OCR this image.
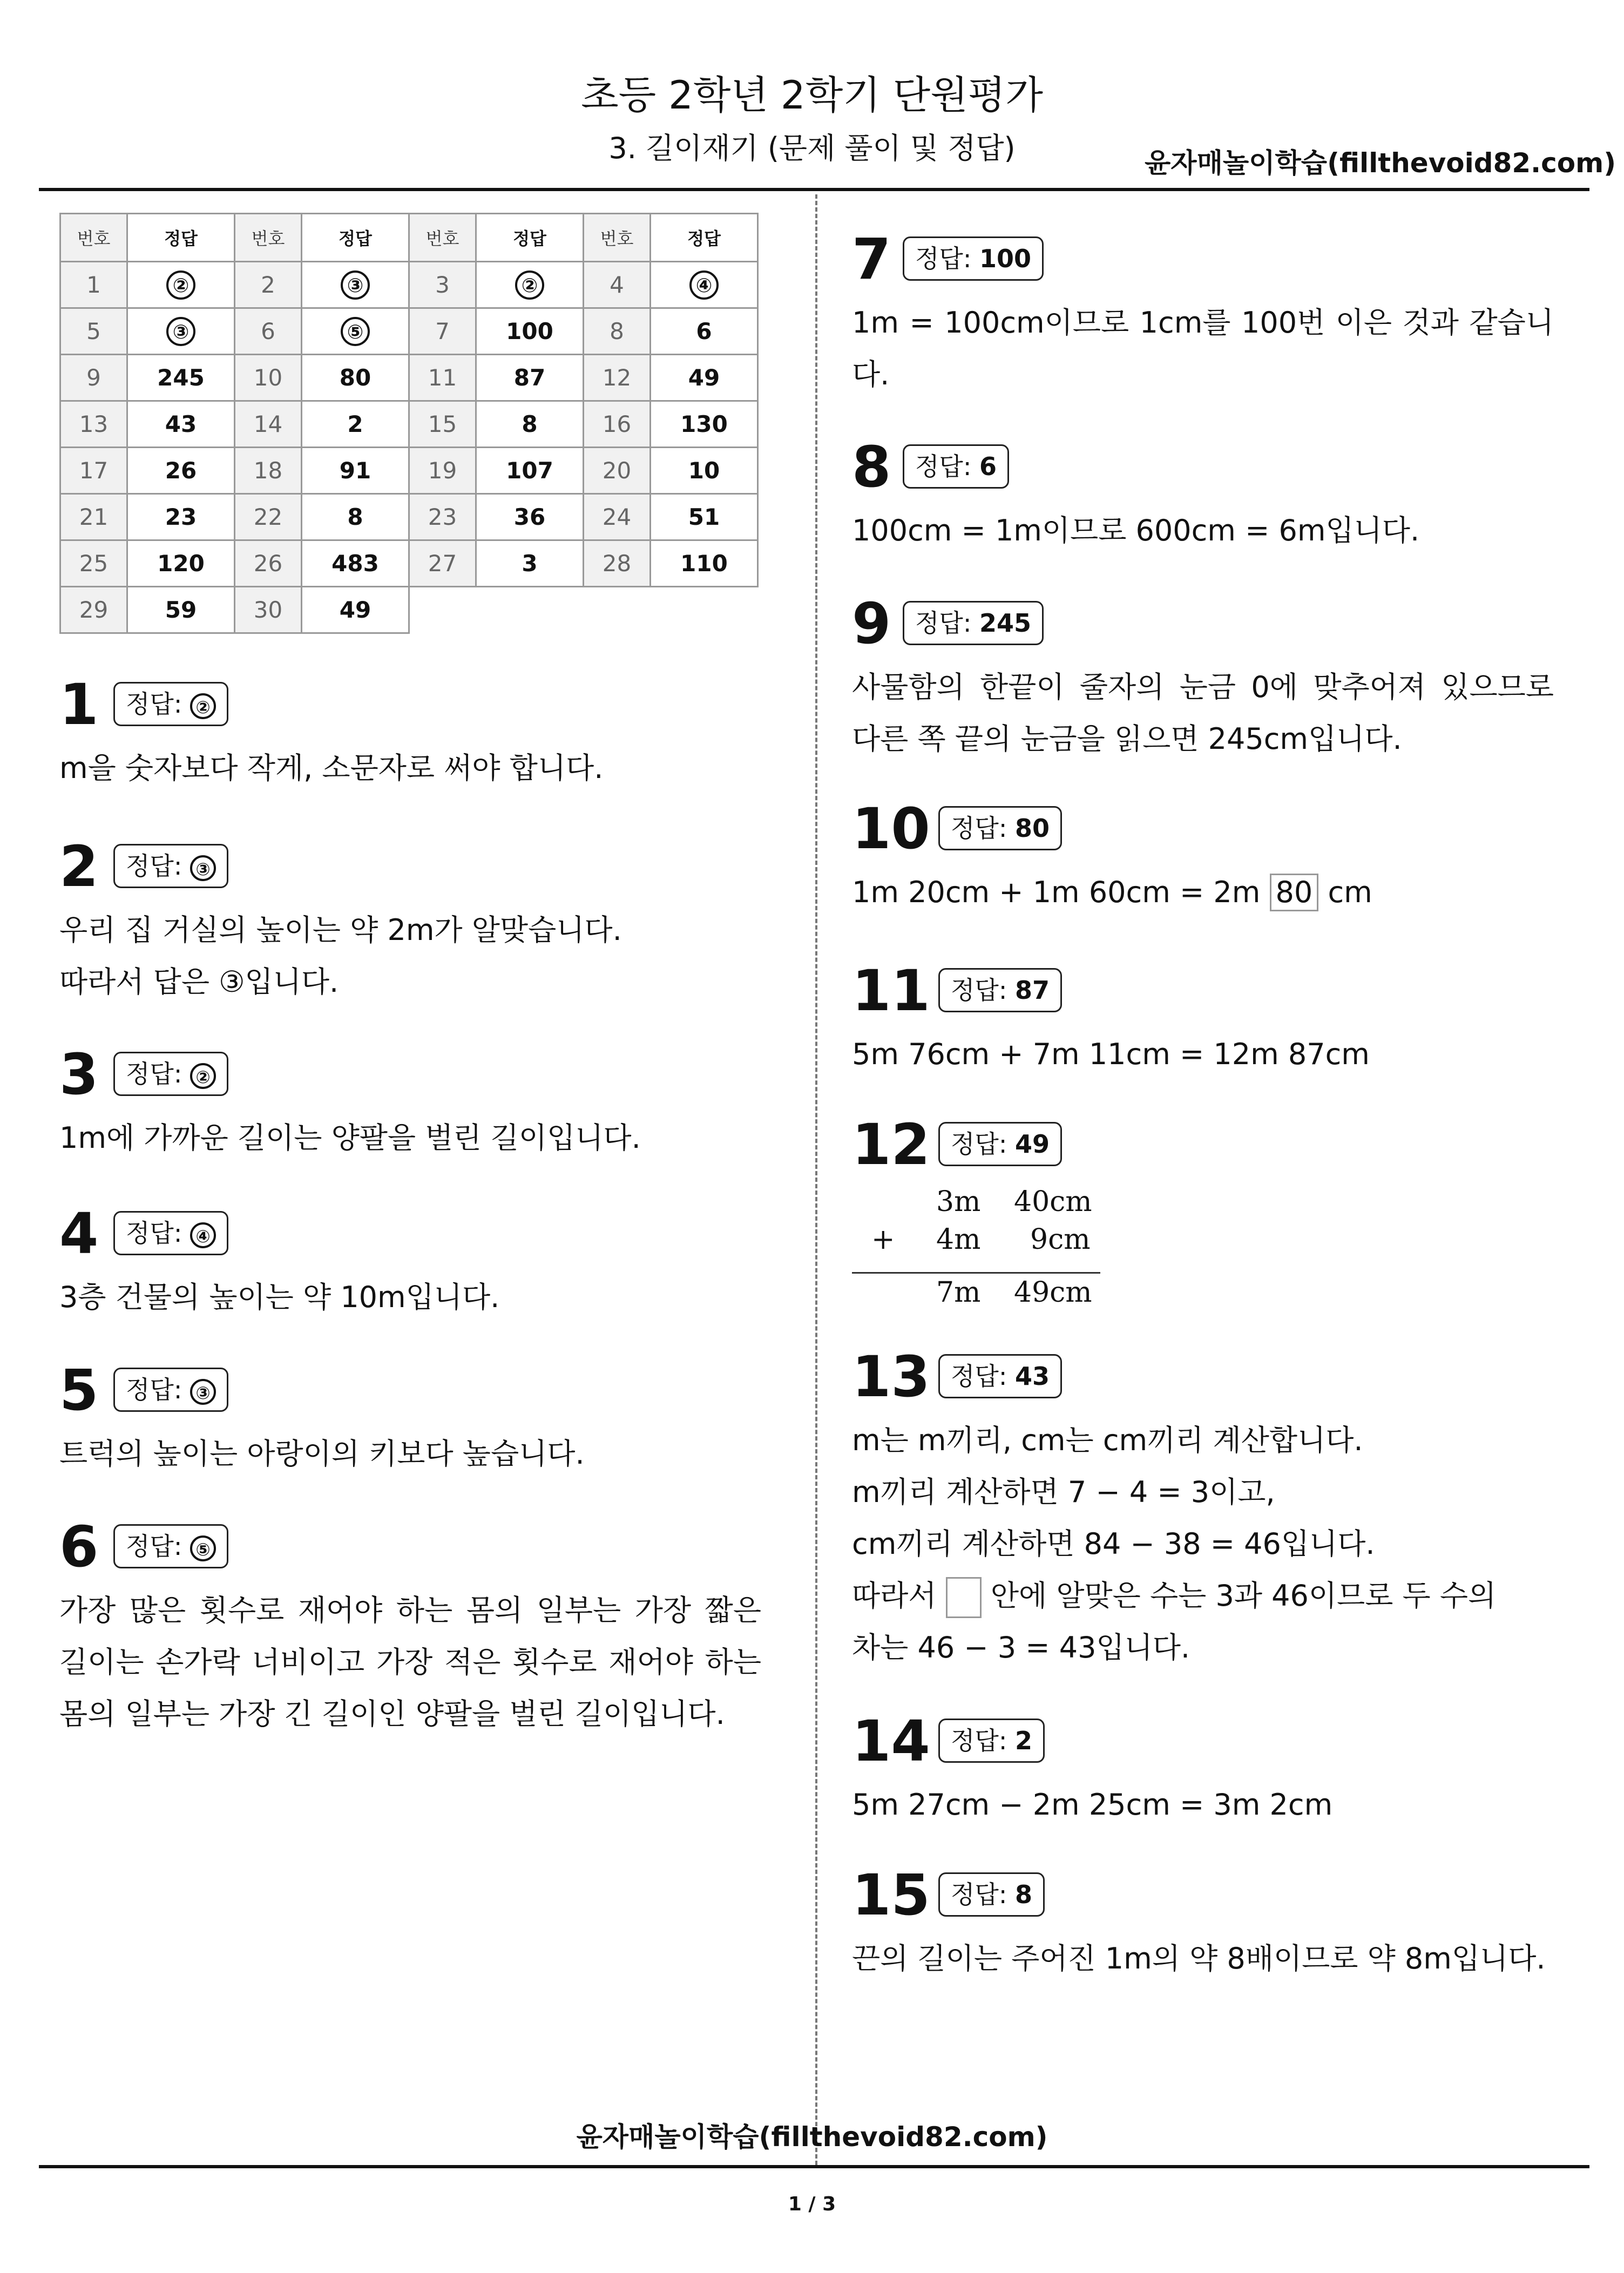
초등 2학년 2학기 단원평가
3. 길이재기 (문제 풀이 및 정답)	윤자매놀이학습(fillthevoid82.com)
번호	정답	번호	정답	번호	정답	번호	정답
1	②	2	③	3	②	4	④
5	③	6	⑤	7	100	8	6
9	245	10	80	11	87	12	49
13	43	14	2	15	8	16	130
17	26	18	91	19	107	20	10
21	23	22	8	23	36	24	51
25	120	26	483	27	3	28	110
29	59	30	49				
1	정답: ②

m을 숫자보다 작게, 소문자로 써야 합니다.

2	정답: ③

우리 집 거실의 높이는 약 2m가 알맞습니다.

따라서 답은 ③입니다.

3	정답: ②

1m에 가까운 길이는 양팔을 벌린 길이입니다.

4	정답: ④

3층 건물의 높이는 약 10m입니다.

5	정답: ③

트럭의 높이는 아랑이의 키보다 높습니다.

6	정답: ⑤

가장 많은 횟수로 재어야 하는 몸의 일부는 가장 짧은 길이는 손가락 너비이고 가장 적은 횟수로 재어야 하는 몸의 일부는 가장 긴 길이인 양팔을 벌린 길이입니다.

7 정답: 100

1m = 100cm이므로 1cm를 100번 이은 것과 같습니다.

8 정답: 6

100cm = 1m이므로 600cm = 6m입니다.

9 정답: 245

사물함의 한끝이 줄자의 눈금 0에 맞추어져 있으므로 다른 쪽 끝의 눈금을 읽으면 245cm입니다.

10 정답: 80

1m 20cm + 1m 60cm = 2m 80 cm

11 정답: 87

5m 76cm + 7m 11cm = 12m 87cm

12 정답: 49
3m 40cm
+ 4m 9cm
7m 49cm
13 정답: 43

m는 m끼리, cm는 cm끼리 계산합니다.

m끼리 계산하면 7 − 4 = 3이고,

cm끼리 계산하면 84 − 38 = 46입니다.

따라서 안에 알맞은 수는 3과 46이므로 두 수의

차는 46 − 3 = 43입니다.

14 정답: 2

5m 27cm − 2m 25cm = 3m 2cm

15 정답: 8

끈의 길이는 주어진 1m의 약 8배이므로 약 8m입니다.

윤자매놀이학습(fillthevoid82.com)
1 / 3
